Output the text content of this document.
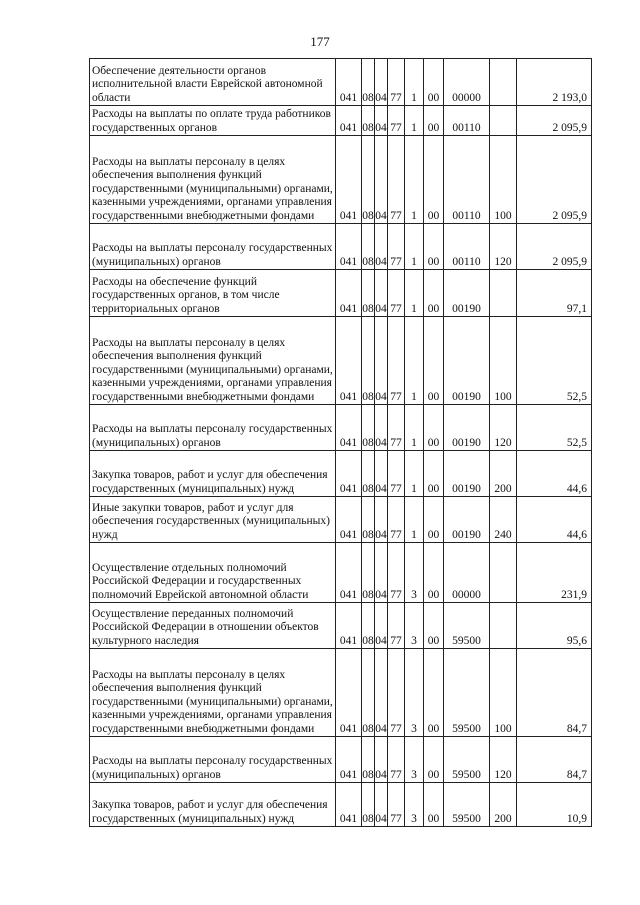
177
Обеспечение деятельности органов исполнительной власти Еврейской автономной области	041	08	04	77	1	00	00000		2 193,0
Расходы на выплаты по оплате труда работников государственных органов	041	08	04	77	1	00	00110		2 095,9
Расходы на выплаты персоналу в целях обеспечения выполнения функций государственными (муниципальными) органами, казенными учреждениями, органами управления государственными внебюджетными фондами	041	08	04	77	1	00	00110	100	2 095,9
Расходы на выплаты персоналу государственных (муниципальных) органов	041	08	04	77	1	00	00110	120	2 095,9
Расходы на обеспечение функций государственных органов, в том числе территориальных органов	041	08	04	77	1	00	00190		97,1
Расходы на выплаты персоналу в целях обеспечения выполнения функций государственными (муниципальными) органами, казенными учреждениями, органами управления государственными внебюджетными фондами	041	08	04	77	1	00	00190	100	52,5
Расходы на выплаты персоналу государственных (муниципальных) органов	041	08	04	77	1	00	00190	120	52,5
Закупка товаров, работ и услуг для обеспечения государственных (муниципальных) нужд	041	08	04	77	1	00	00190	200	44,6
Иные закупки товаров, работ и услуг для обеспечения государственных (муниципальных) нужд	041	08	04	77	1	00	00190	240	44,6
Осуществление отдельных полномочий Российской Федерации и государственных полномочий Еврейской автономной области	041	08	04	77	3	00	00000		231,9
Осуществление переданных полномочий Российской Федерации в отношении объектов культурного наследия	041	08	04	77	3	00	59500		95,6
Расходы на выплаты персоналу в целях обеспечения выполнения функций государственными (муниципальными) органами, казенными учреждениями, органами управления государственными внебюджетными фондами	041	08	04	77	3	00	59500	100	84,7
Расходы на выплаты персоналу государственных (муниципальных) органов	041	08	04	77	3	00	59500	120	84,7
Закупка товаров, работ и услуг для обеспечения государственных (муниципальных) нужд	041	08	04	77	3	00	59500	200	10,9
